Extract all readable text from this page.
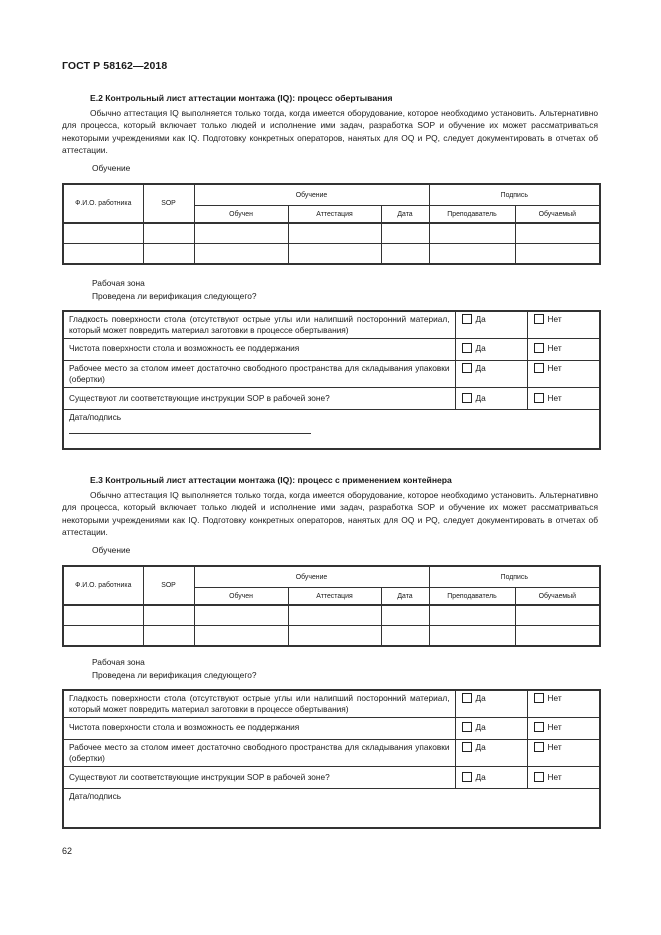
ГОСТ Р 58162—2018
E.2 Контрольный лист аттестации монтажа (IQ): процесс обертывания

Обычно аттестация IQ выполняется только тогда, когда имеется оборудование, которое необходимо установить. Альтернативно для процесса, который включает только людей и исполнение ими задач, разработка SOP и обучение их может рассматриваться некоторыми учреждениями как IQ. Подготовку конкретных операторов, нанятых для OQ и PQ, следует документировать в отчетах об аттестации.

Обучение
Ф.И.О. работника	SOP	Обучение			Подпись	
		Обучен	Аттестация	Дата	Преподаватель	Обучаемый

Рабочая зона
Проведена ли верификация следующего?
Гладкость поверхности стола (отсутствуют острые углы или налипший посторонний материал, который может повредить материал заготовки в процессе обертывания)	Да	Нет
Чистота поверхности стола и возможность ее поддержания	Да	Нет
Рабочее место за столом имеет достаточно свободного пространства для складывания упаковки (обертки)	Да	Нет
Существуют ли соответствующие инструкции SOP в рабочей зоне?	Да	Нет
Дата/подпись		
E.3 Контрольный лист аттестации монтажа (IQ): процесс с применением контейнера

Обычно аттестация IQ выполняется только тогда, когда имеется оборудование, которое необходимо установить. Альтернативно для процесса, который включает только людей и исполнение ими задач, разработка SOP и обучение их может рассматриваться некоторыми учреждениями как IQ. Подготовку конкретных операторов, нанятых для OQ и PQ, следует документировать в отчетах об аттестации.

Обучение
Ф.И.О. работника	SOP	Обучение			Подпись	
		Обучен	Аттестация	Дата	Преподаватель	Обучаемый

Рабочая зона
Проведена ли верификация следующего?
Гладкость поверхности стола (отсутствуют острые углы или налипший посторонний материал, который может повредить материал заготовки в процессе обертывания)	Да	Нет
Чистота поверхности стола и возможность ее поддержания	Да	Нет
Рабочее место за столом имеет достаточно свободного пространства для складывания упаковки (обертки)	Да	Нет
Существуют ли соответствующие инструкции SOP в рабочей зоне?	Да	Нет
Дата/подпись		
62
